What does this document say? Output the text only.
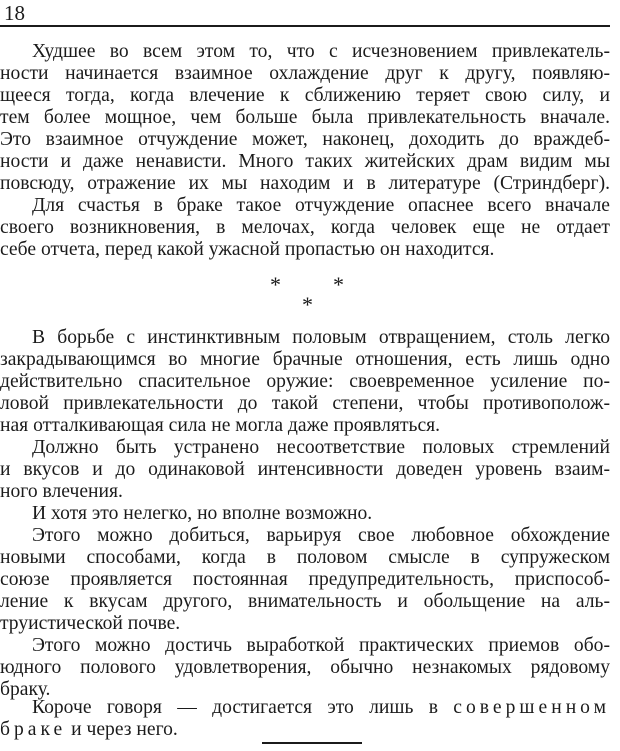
18

Худшее во всем этом то, что с исчезновением привлекатель-
ности начинается взаимное охлаждение друг к другу, появляю-
щееся тогда, когда влечение к сближению теряет свою силу, и
тем более мощное, чем больше была привлекательность вначале.
Это взаимное отчуждение может, наконец, доходить до враждеб-
ности и даже ненависти. Много таких житейских драм видим мы
повсюду, отражение их мы находим и в литературе (Стриндберг).

Для счастья в браке такое отчуждение опаснее всего вначале
своего возникновения, в мелочах, когда человек еще не отдает
себе отчета, перед какой ужасной пропастью он находится.

* *
*

В борьбе с инстинктивным половым отвращением, столь легко
закрадывающимся во многие брачные отношения, есть лишь одно
действительно спасительное оружие: своевременное усиление по-
ловой привлекательности до такой степени, чтобы противополож-
ная отталкивающая сила не могла даже проявляться.

Должно быть устранено несоответствие половых стремлений
и вкусов и до одинаковой интенсивности доведен уровень взаим-
ного влечения.

И хотя это нелегко, но вполне возможно.

Этого можно добиться, варьируя свое любовное обхождение
новыми способами, когда в половом смысле в супружеском
союзе проявляется постоянная предупредительность, приспособ-
ление к вкусам другого, внимательность и обольщение на аль-
труистической почве.

Этого можно достичь выработкой практических приемов обо-
юдного полового удовлетворения, обычно незнакомых рядовому
браку.

Короче говоря — достигается это лишь в совершенном
браке и через него.
